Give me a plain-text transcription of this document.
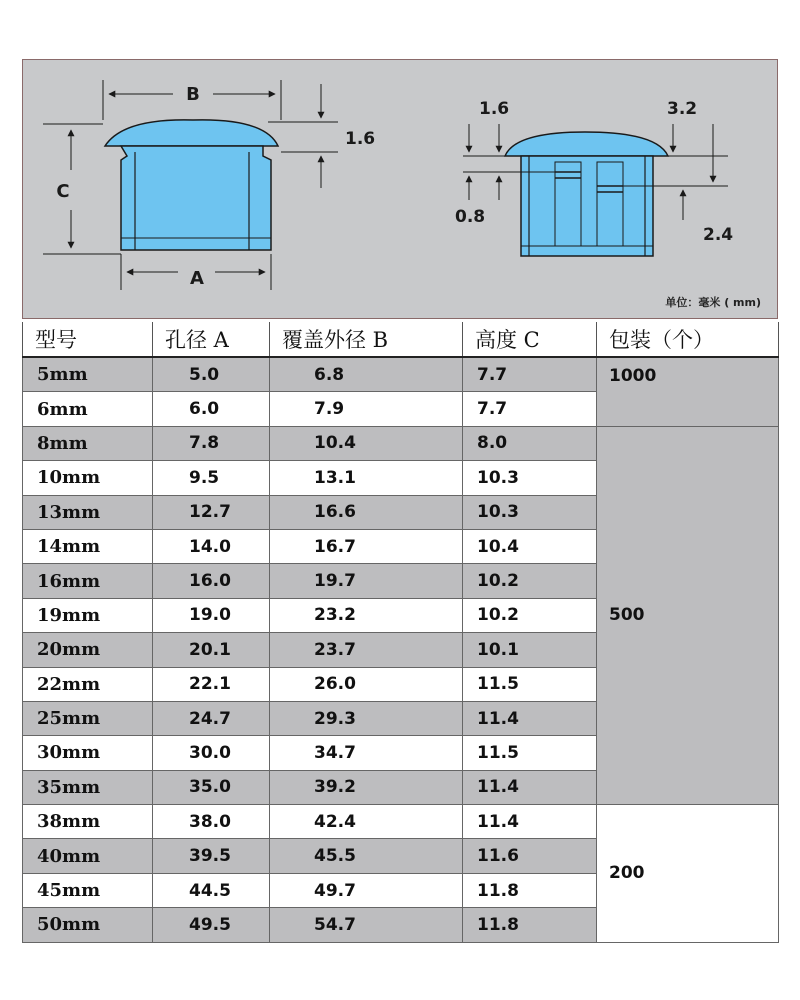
B
C
A
1.6
1.6
0.8
3.2
2.4
单位：毫米 ( mm)
型号	孔径 A	覆盖外径 B	高度 C	包装（个）
5mm	5.0	6.8	7.7	1000
6mm	6.0	7.9	7.7	
8mm	7.8	10.4	8.0	500
10mm	9.5	13.1	10.3	
13mm	12.7	16.6	10.3	
14mm	14.0	16.7	10.4	
16mm	16.0	19.7	10.2	
19mm	19.0	23.2	10.2	
20mm	20.1	23.7	10.1	
22mm	22.1	26.0	11.5	
25mm	24.7	29.3	11.4	
30mm	30.0	34.7	11.5	
35mm	35.0	39.2	11.4	
38mm	38.0	42.4	11.4	200
40mm	39.5	45.5	11.6	
45mm	44.5	49.7	11.8	
50mm	49.5	54.7	11.8	
